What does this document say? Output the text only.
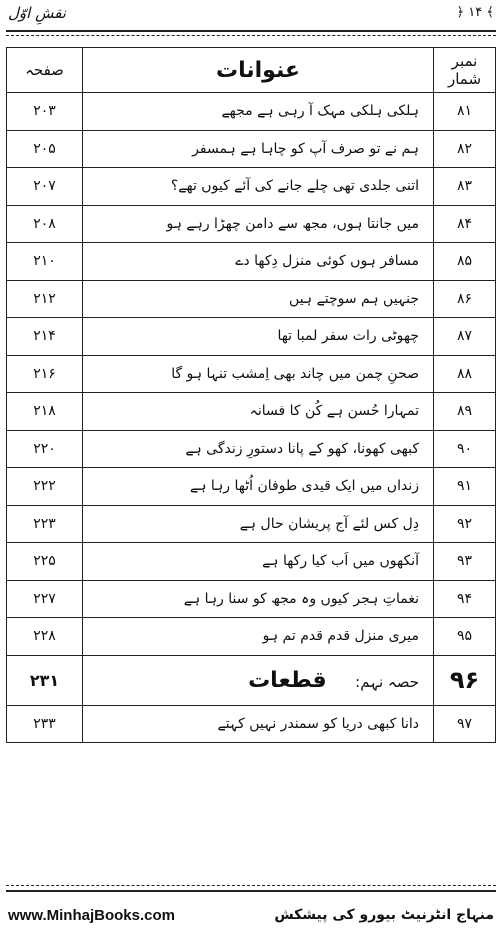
نقشِ اوّل	﴿ ۱۴ ﴾
نمبر شمار	عنوانات	صفحہ
۸۱	ہلکی ہلکی مہک آ رہی ہے مجھے	۲۰۳
۸۲	ہم نے تو صرف آپ کو چاہا ہے ہمسفر	۲۰۵
۸۳	اتنی جلدی تھی چلے جانے کی آئے کیوں تھے؟	۲۰۷
۸۴	میں جانتا ہوں، مجھ سے دامن چھڑا رہے ہو	۲۰۸
۸۵	مسافر ہوں کوئی منزل دِکھا دے	۲۱۰
۸۶	جنہیں ہم سوچتے ہیں	۲۱۲
۸۷	چھوٹی رات سفر لمبا تھا	۲۱۴
۸۸	صحنِ چمن میں چاند بھی اِمشب تنہا ہو گا	۲۱۶
۸۹	تمہارا حُسن ہے کُن کا فسانہ	۲۱۸
۹۰	کبھی کھونا، کھو کے پانا دستورِ زندگی ہے	۲۲۰
۹۱	زنداں میں ایک قیدی طوفان اُٹھا رہا ہے	۲۲۲
۹۲	دِل کس لئے آج پریشان حال ہے	۲۲۳
۹۳	آنکھوں میں اَب کیا رکھا ہے	۲۲۵
۹۴	نغماتِ ہجر کیوں وہ مجھ کو سنا رہا ہے	۲۲۷
۹۵	میری منزل قدم قدم تم ہو	۲۲۸
۹۶	حصہ نہم: قطعات	۲۳۱
۹۷	دانا کبھی دریا کو سمندر نہیں کہتے	۲۳۳
www.MinhajBooks.com	منہاج انٹرنیٹ بیورو کی پیشکش
